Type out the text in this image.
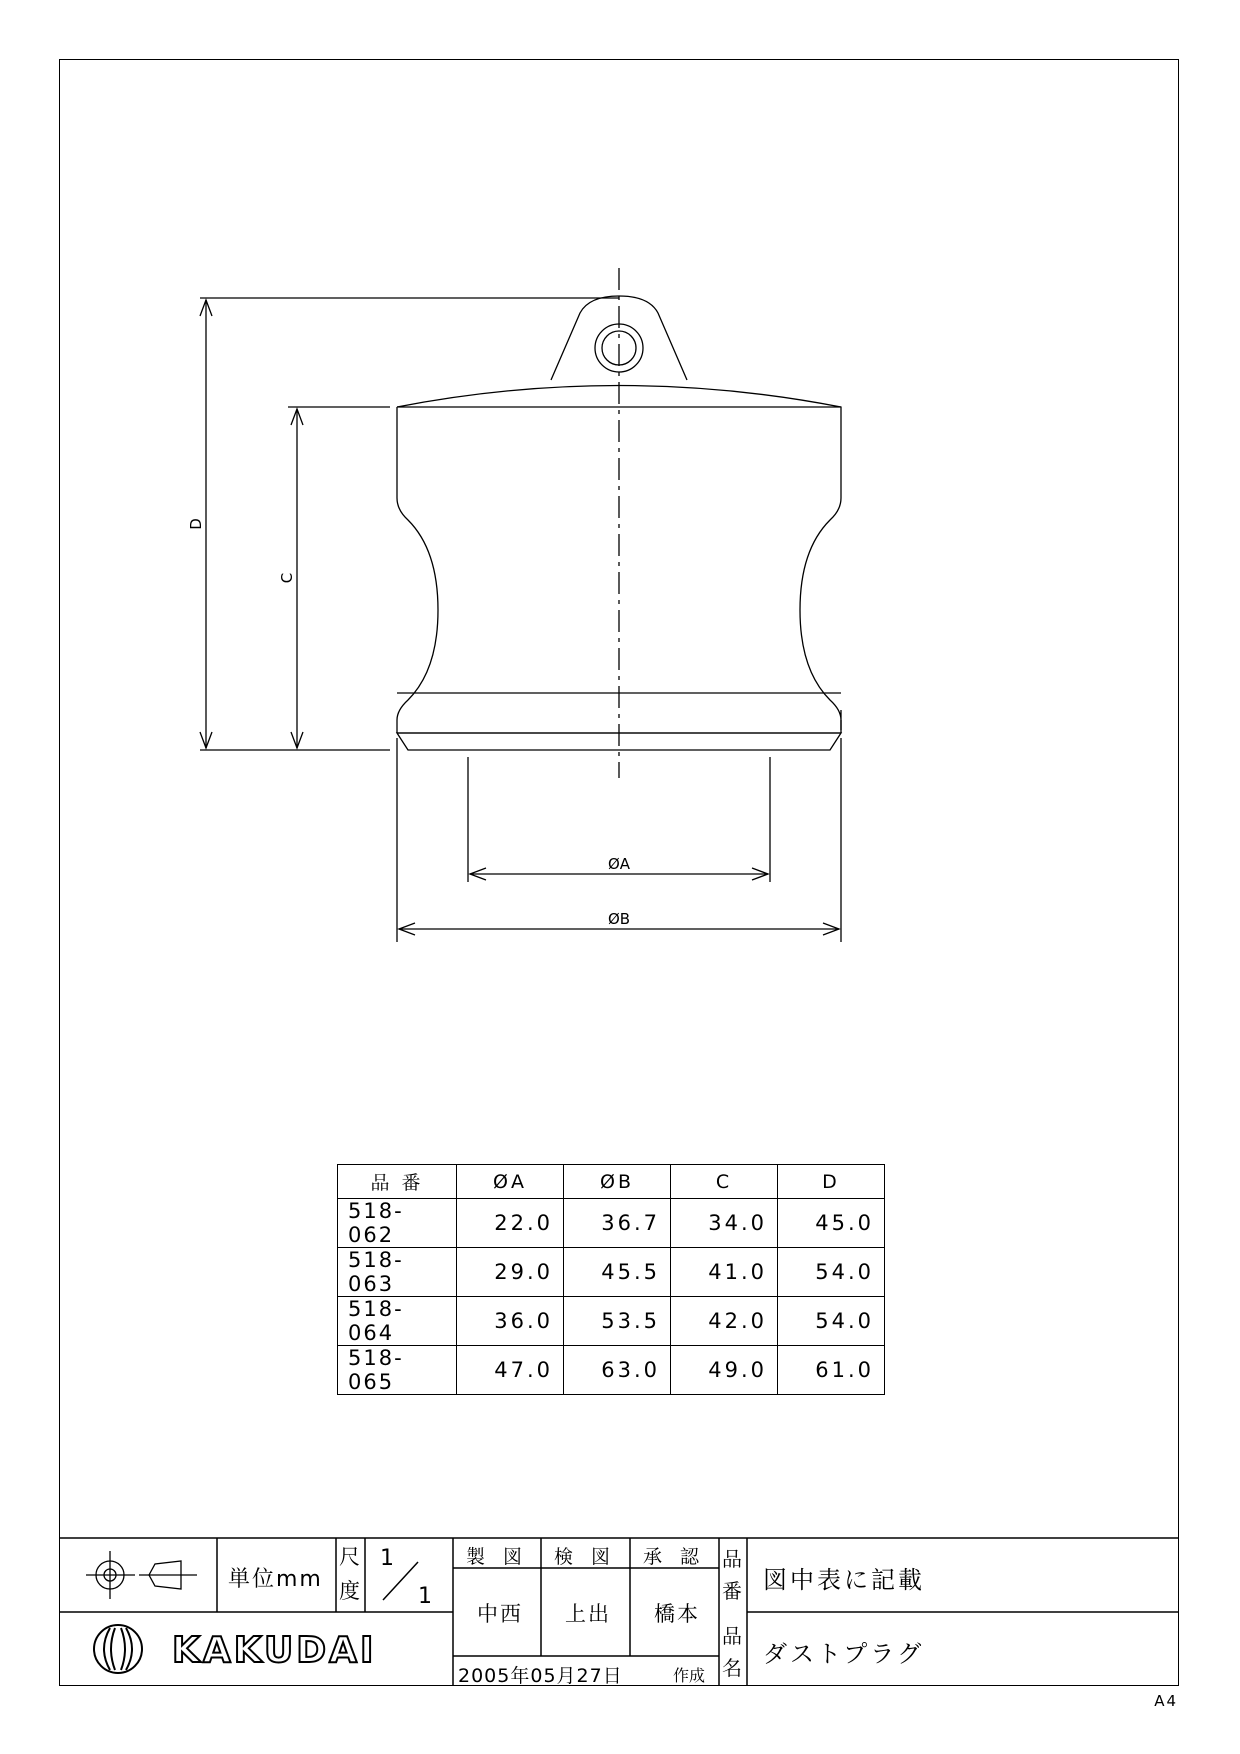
D
C
ØA
ØB
KAKUDAI
品 番	ØA	ØB	C	D
518-062	22.0	36.7	34.0	45.0
518-063	29.0	45.5	41.0	54.0
518-064	36.0	53.5	42.0	54.0
518-065	47.0	63.0	49.0	61.0
単位mm
尺
度
1
1
製 図 検 図 承 認
中西 上出 橋本
2005年05月27日	作成
品
番 図中表に記載
品
名 ダストプラグ
A4
